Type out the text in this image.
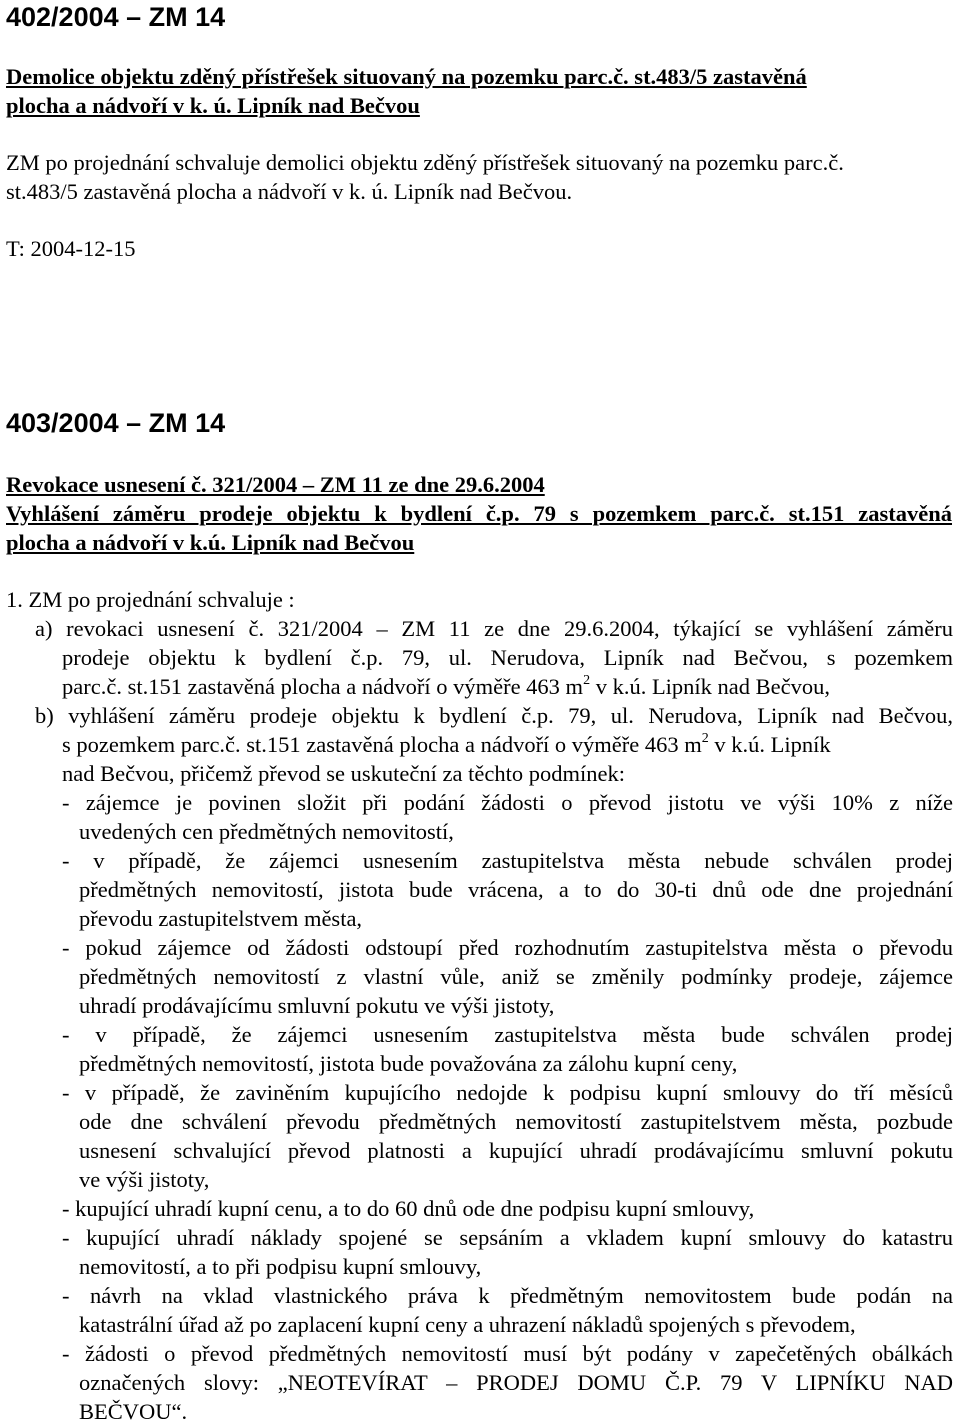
402/2004 – ZM 14
Demolice objektu zděný přístřešek situovaný na pozemku parc.č. st.483/5 zastavěná
plocha a nádvoří v k. ú. Lipník nad Bečvou
ZM po projednání schvaluje demolici objektu zděný přístřešek situovaný na pozemku parc.č.
st.483/5 zastavěná plocha a nádvoří v k. ú. Lipník nad Bečvou.
T: 2004-12-15
403/2004 – ZM 14
Revokace usnesení č. 321/2004 – ZM 11 ze dne 29.6.2004
Vyhlášení záměru prodeje objektu k bydlení č.p. 79 s pozemkem parc.č. st.151 zastavěná
plocha a nádvoří v k.ú. Lipník nad Bečvou
1. ZM po projednání schvaluje :
a) revokaci usnesení č. 321/2004 – ZM 11 ze dne 29.6.2004, týkající se vyhlášení záměru
prodeje objektu k bydlení č.p. 79, ul. Nerudova, Lipník nad Bečvou, s pozemkem
parc.č. st.151 zastavěná plocha a nádvoří o výměře 463 $m^2$ v k.ú. Lipník nad Bečvou,
b) vyhlášení záměru prodeje objektu k bydlení č.p. 79, ul. Nerudova, Lipník nad Bečvou,
s pozemkem parc.č. st.151 zastavěná plocha a nádvoří o výměře 463 $m^2$ v k.ú. Lipník
nad Bečvou, přičemž převod se uskuteční za těchto podmínek:
- zájemce je povinen složit při podání žádosti o převod jistotu ve výši 10% z níže
uvedených cen předmětných nemovitostí,
- v případě, že zájemci usnesením zastupitelstva města nebude schválen prodej
předmětných nemovitostí, jistota bude vrácena, a to do 30-ti dnů ode dne projednání
převodu zastupitelstvem města,
- pokud zájemce od žádosti odstoupí před rozhodnutím zastupitelstva města o převodu
předmětných nemovitostí z vlastní vůle, aniž se změnily podmínky prodeje, zájemce
uhradí prodávajícímu smluvní pokutu ve výši jistoty,
- v případě, že zájemci usnesením zastupitelstva města bude schválen prodej
předmětných nemovitostí, jistota bude považována za zálohu kupní ceny,
- v případě, že zaviněním kupujícího nedojde k podpisu kupní smlouvy do tří měsíců
ode dne schválení převodu předmětných nemovitostí zastupitelstvem města, pozbude
usnesení schvalující převod platnosti a kupující uhradí prodávajícímu smluvní pokutu
ve výši jistoty,
- kupující uhradí kupní cenu, a to do 60 dnů ode dne podpisu kupní smlouvy,
- kupující uhradí náklady spojené se sepsáním a vkladem kupní smlouvy do katastru
nemovitostí, a to při podpisu kupní smlouvy,
- návrh na vklad vlastnického práva k předmětným nemovitostem bude podán na
katastrální úřad až po zaplacení kupní ceny a uhrazení nákladů spojených s převodem,
- žádosti o převod předmětných nemovitostí musí být podány v zapečetěných obálkách
označených slovy: „NEOTEVÍRAT – PRODEJ DOMU Č.P. 79 V LIPNÍKU NAD
BEČVOU“.
